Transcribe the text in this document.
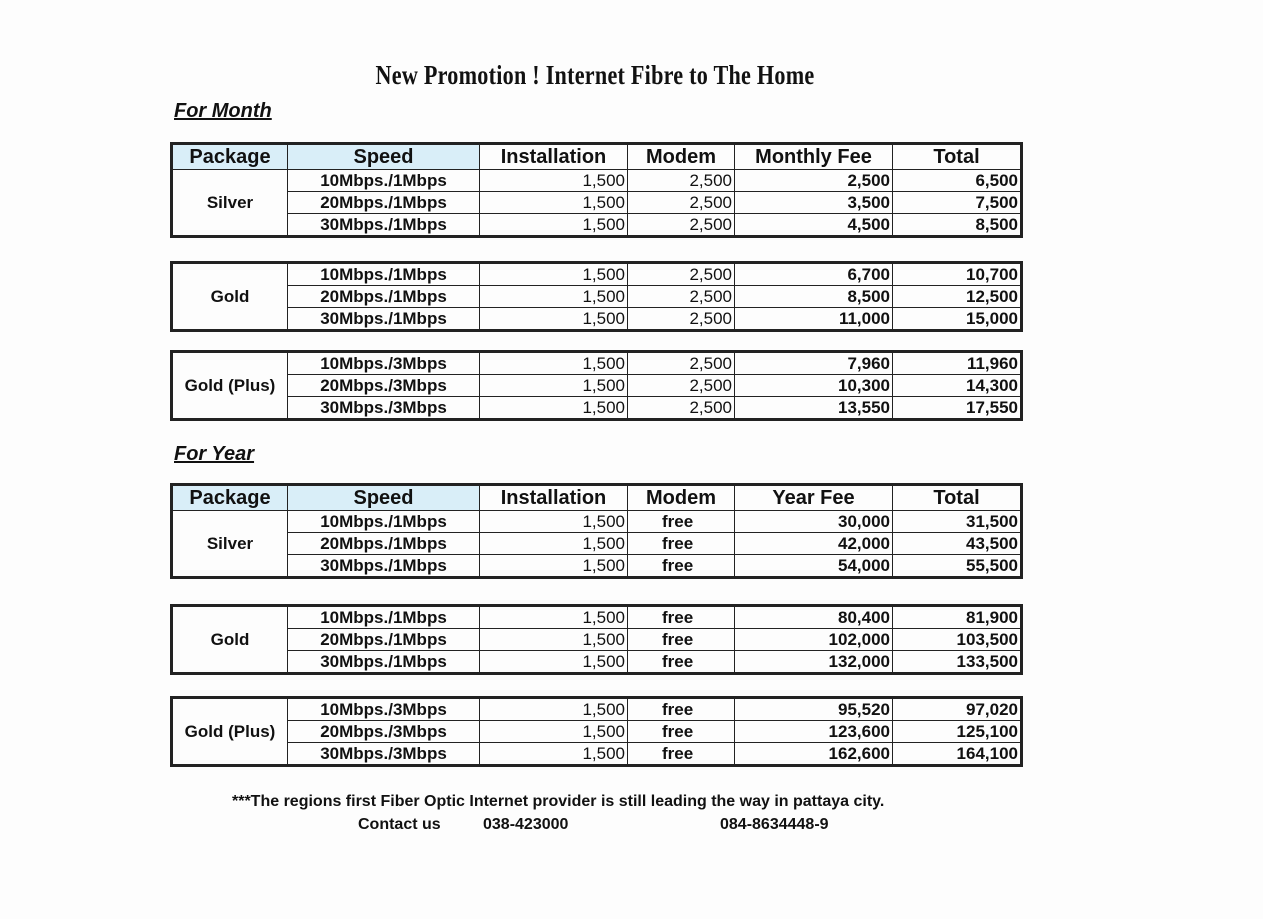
New Promotion ! Internet Fibre to The Home
For Month
For Year
Package	Speed	Installation	Modem	Monthly Fee	Total
Silver	10Mbps./1Mbps	1,500	2,500	2,500	6,500
	20Mbps./1Mbps	1,500	2,500	3,500	7,500
	30Mbps./1Mbps	1,500	2,500	4,500	8,500
Gold	10Mbps./1Mbps	1,500	2,500	6,700	10,700
	20Mbps./1Mbps	1,500	2,500	8,500	12,500
	30Mbps./1Mbps	1,500	2,500	11,000	15,000
Gold (Plus)	10Mbps./3Mbps	1,500	2,500	7,960	11,960
	20Mbps./3Mbps	1,500	2,500	10,300	14,300
	30Mbps./3Mbps	1,500	2,500	13,550	17,550
Package	Speed	Installation	Modem	Year Fee	Total
Silver	10Mbps./1Mbps	1,500	free	30,000	31,500
	20Mbps./1Mbps	1,500	free	42,000	43,500
	30Mbps./1Mbps	1,500	free	54,000	55,500
Gold	10Mbps./1Mbps	1,500	free	80,400	81,900
	20Mbps./1Mbps	1,500	free	102,000	103,500
	30Mbps./1Mbps	1,500	free	132,000	133,500
Gold (Plus)	10Mbps./3Mbps	1,500	free	95,520	97,020
	20Mbps./3Mbps	1,500	free	123,600	125,100
	30Mbps./3Mbps	1,500	free	162,600	164,100
***The regions first Fiber Optic Internet provider is still leading the way in pattaya city.
Contact us	038-423000	084-8634448-9
